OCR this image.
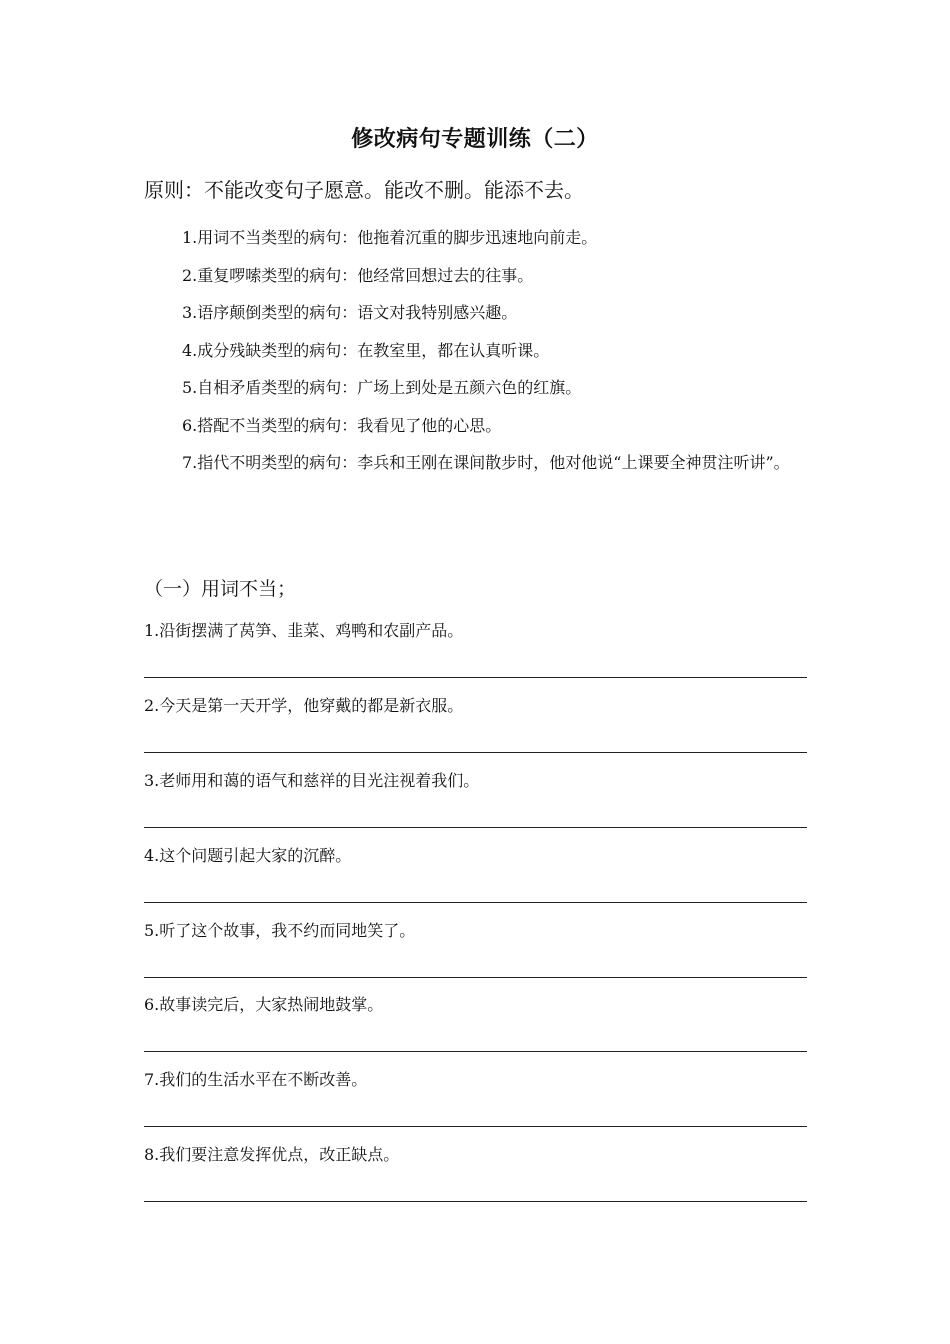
修改病句专题训练（二）
原则：不能改变句子愿意。能改不删。能添不去。
1.用词不当类型的病句：他拖着沉重的脚步迅速地向前走。
2.重复啰嗦类型的病句：他经常回想过去的往事。
3.语序颠倒类型的病句：语文对我特别感兴趣。
4.成分残缺类型的病句：在教室里，都在认真听课。
5.自相矛盾类型的病句：广场上到处是五颜六色的红旗。
6.搭配不当类型的病句：我看见了他的心思。
7.指代不明类型的病句：李兵和王刚在课间散步时，他对他说“上课要全神贯注听讲”。
（一）用词不当；
1.沿街摆满了莴笋、韭菜、鸡鸭和农副产品。
2.今天是第一天开学，他穿戴的都是新衣服。
3.老师用和蔼的语气和慈祥的目光注视着我们。
4.这个问题引起大家的沉醉。
5.听了这个故事，我不约而同地笑了。
6.故事读完后，大家热闹地鼓掌。
7.我们的生活水平在不断改善。
8.我们要注意发挥优点，改正缺点。
